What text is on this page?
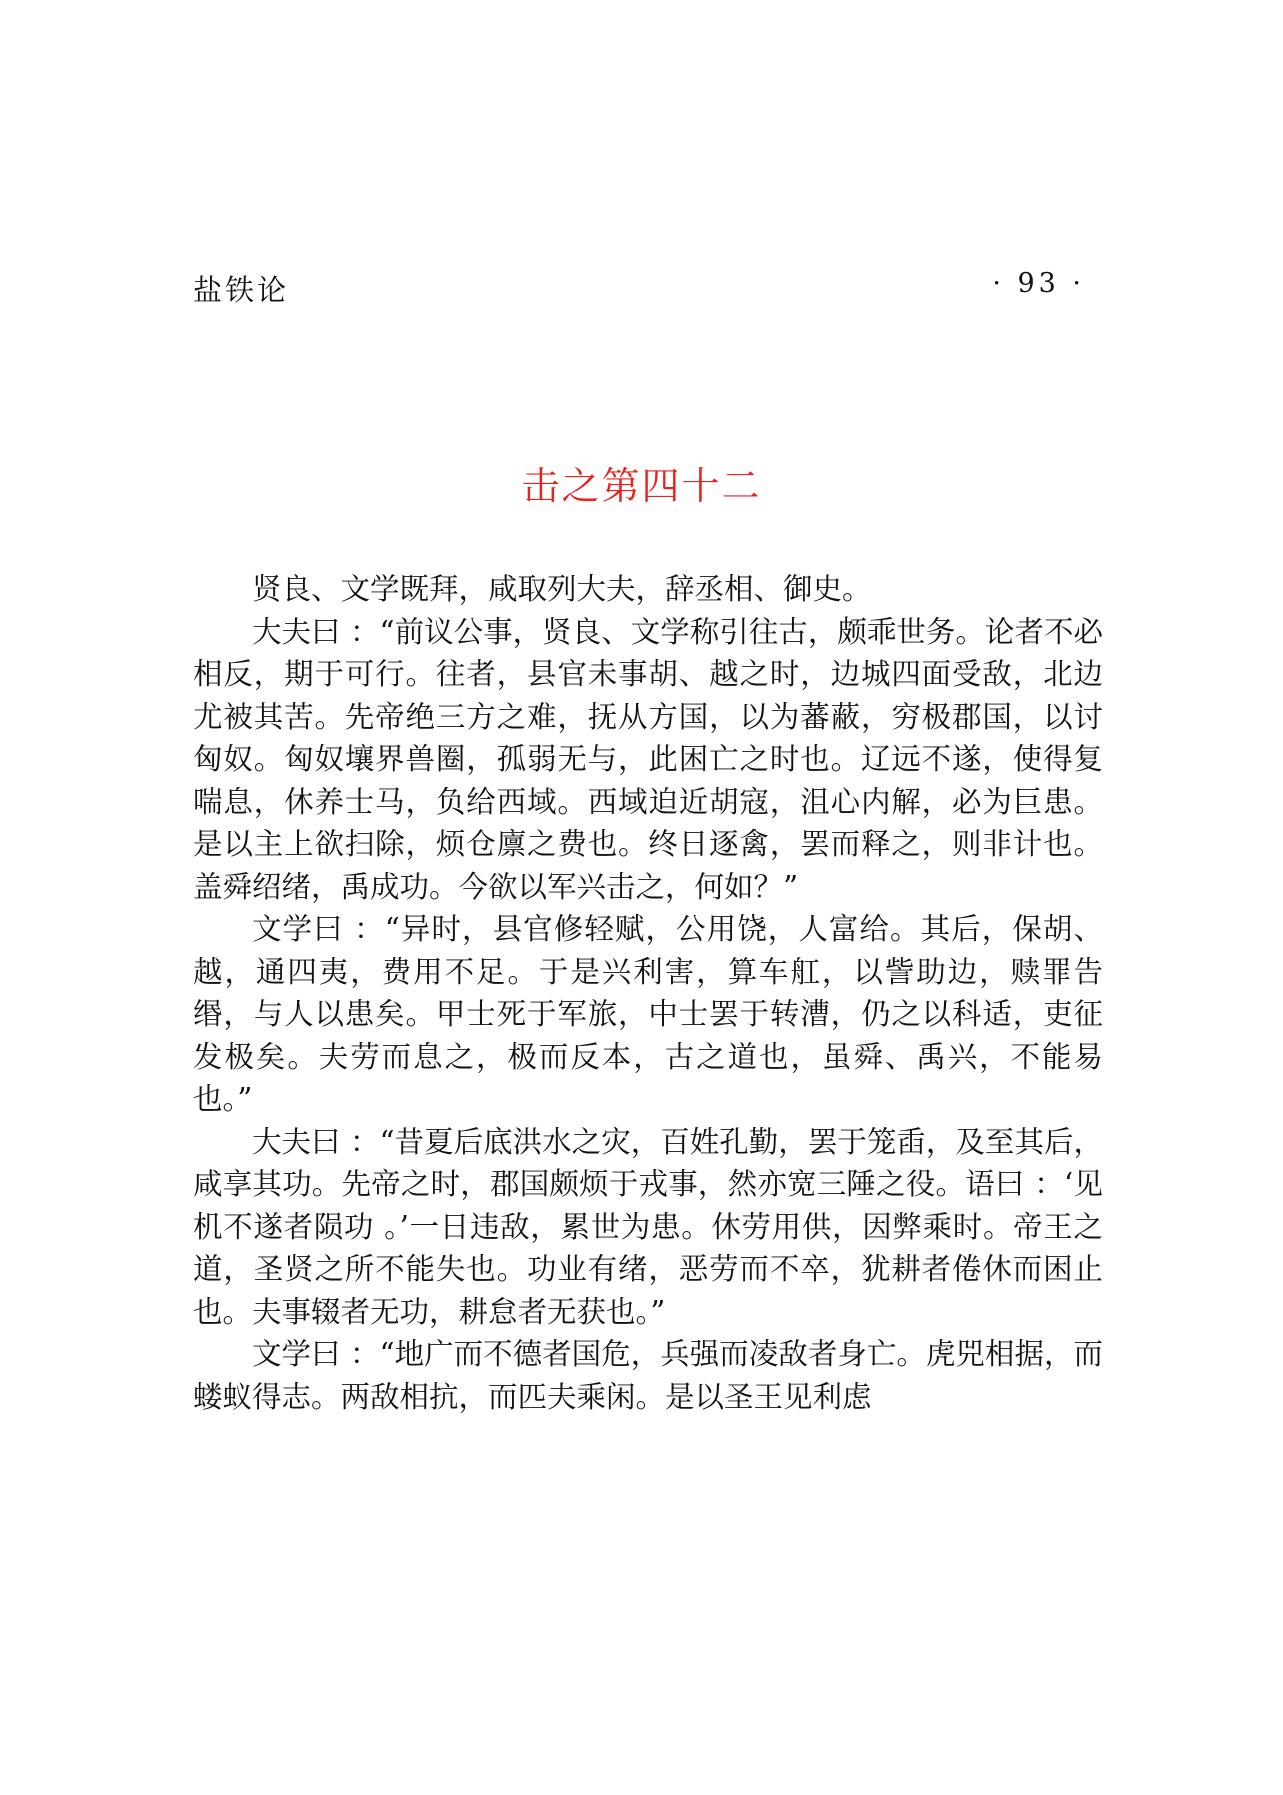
盐铁论	· 93 ·
击之第四十二

贤良、文学既拜，咸取列大夫，辞丞相、御史。

大夫曰 ：“前议公事，贤良、文学称引往古，颇乖世务。论者不必相反，期于可行。往者，县官未事胡、越之时，边城四面受敌，北边尤被其苦。先帝绝三方之难，抚从方国，以为蕃蔽，穷极郡国，以讨匈奴。匈奴壤界兽圈，孤弱无与，此困亡之时也。辽远不遂，使得复喘息，休养士马，负给西域。西域迫近胡寇，沮心内解，必为巨患。是以主上欲扫除，烦仓廪之费也。终日逐禽，罢而释之，则非计也。盖舜绍绪，禹成功。今欲以军兴击之，何如？”

文学曰 ：“异时，县官修轻赋，公用饶，人富给。其后，保胡、越，通四夷，费用不足。于是兴利害，算车舡，以訾助边，赎罪告缗，与人以患矣。甲士死于军旅，中士罢于转漕，仍之以科适，吏征发极矣。夫劳而息之，极而反本，古之道也，虽舜、禹兴，不能易也。”

大夫曰 ：“昔夏后底洪水之灾，百姓孔勤，罢于笼臿，及至其后，咸享其功。先帝之时，郡国颇烦于戎事，然亦宽三陲之役。语曰 ：‘见机不遂者陨功 。’一日违敌，累世为患。休劳用供，因弊乘时。帝王之道，圣贤之所不能失也。功业有绪，恶劳而不卒，犹耕者倦休而困止也。夫事辍者无功，耕怠者无获也。”

文学曰 ：“地广而不德者国危，兵强而凌敌者身亡。虎兕相据，而蝼蚁得志。两敌相抗，而匹夫乘闲。是以圣王见利虑
